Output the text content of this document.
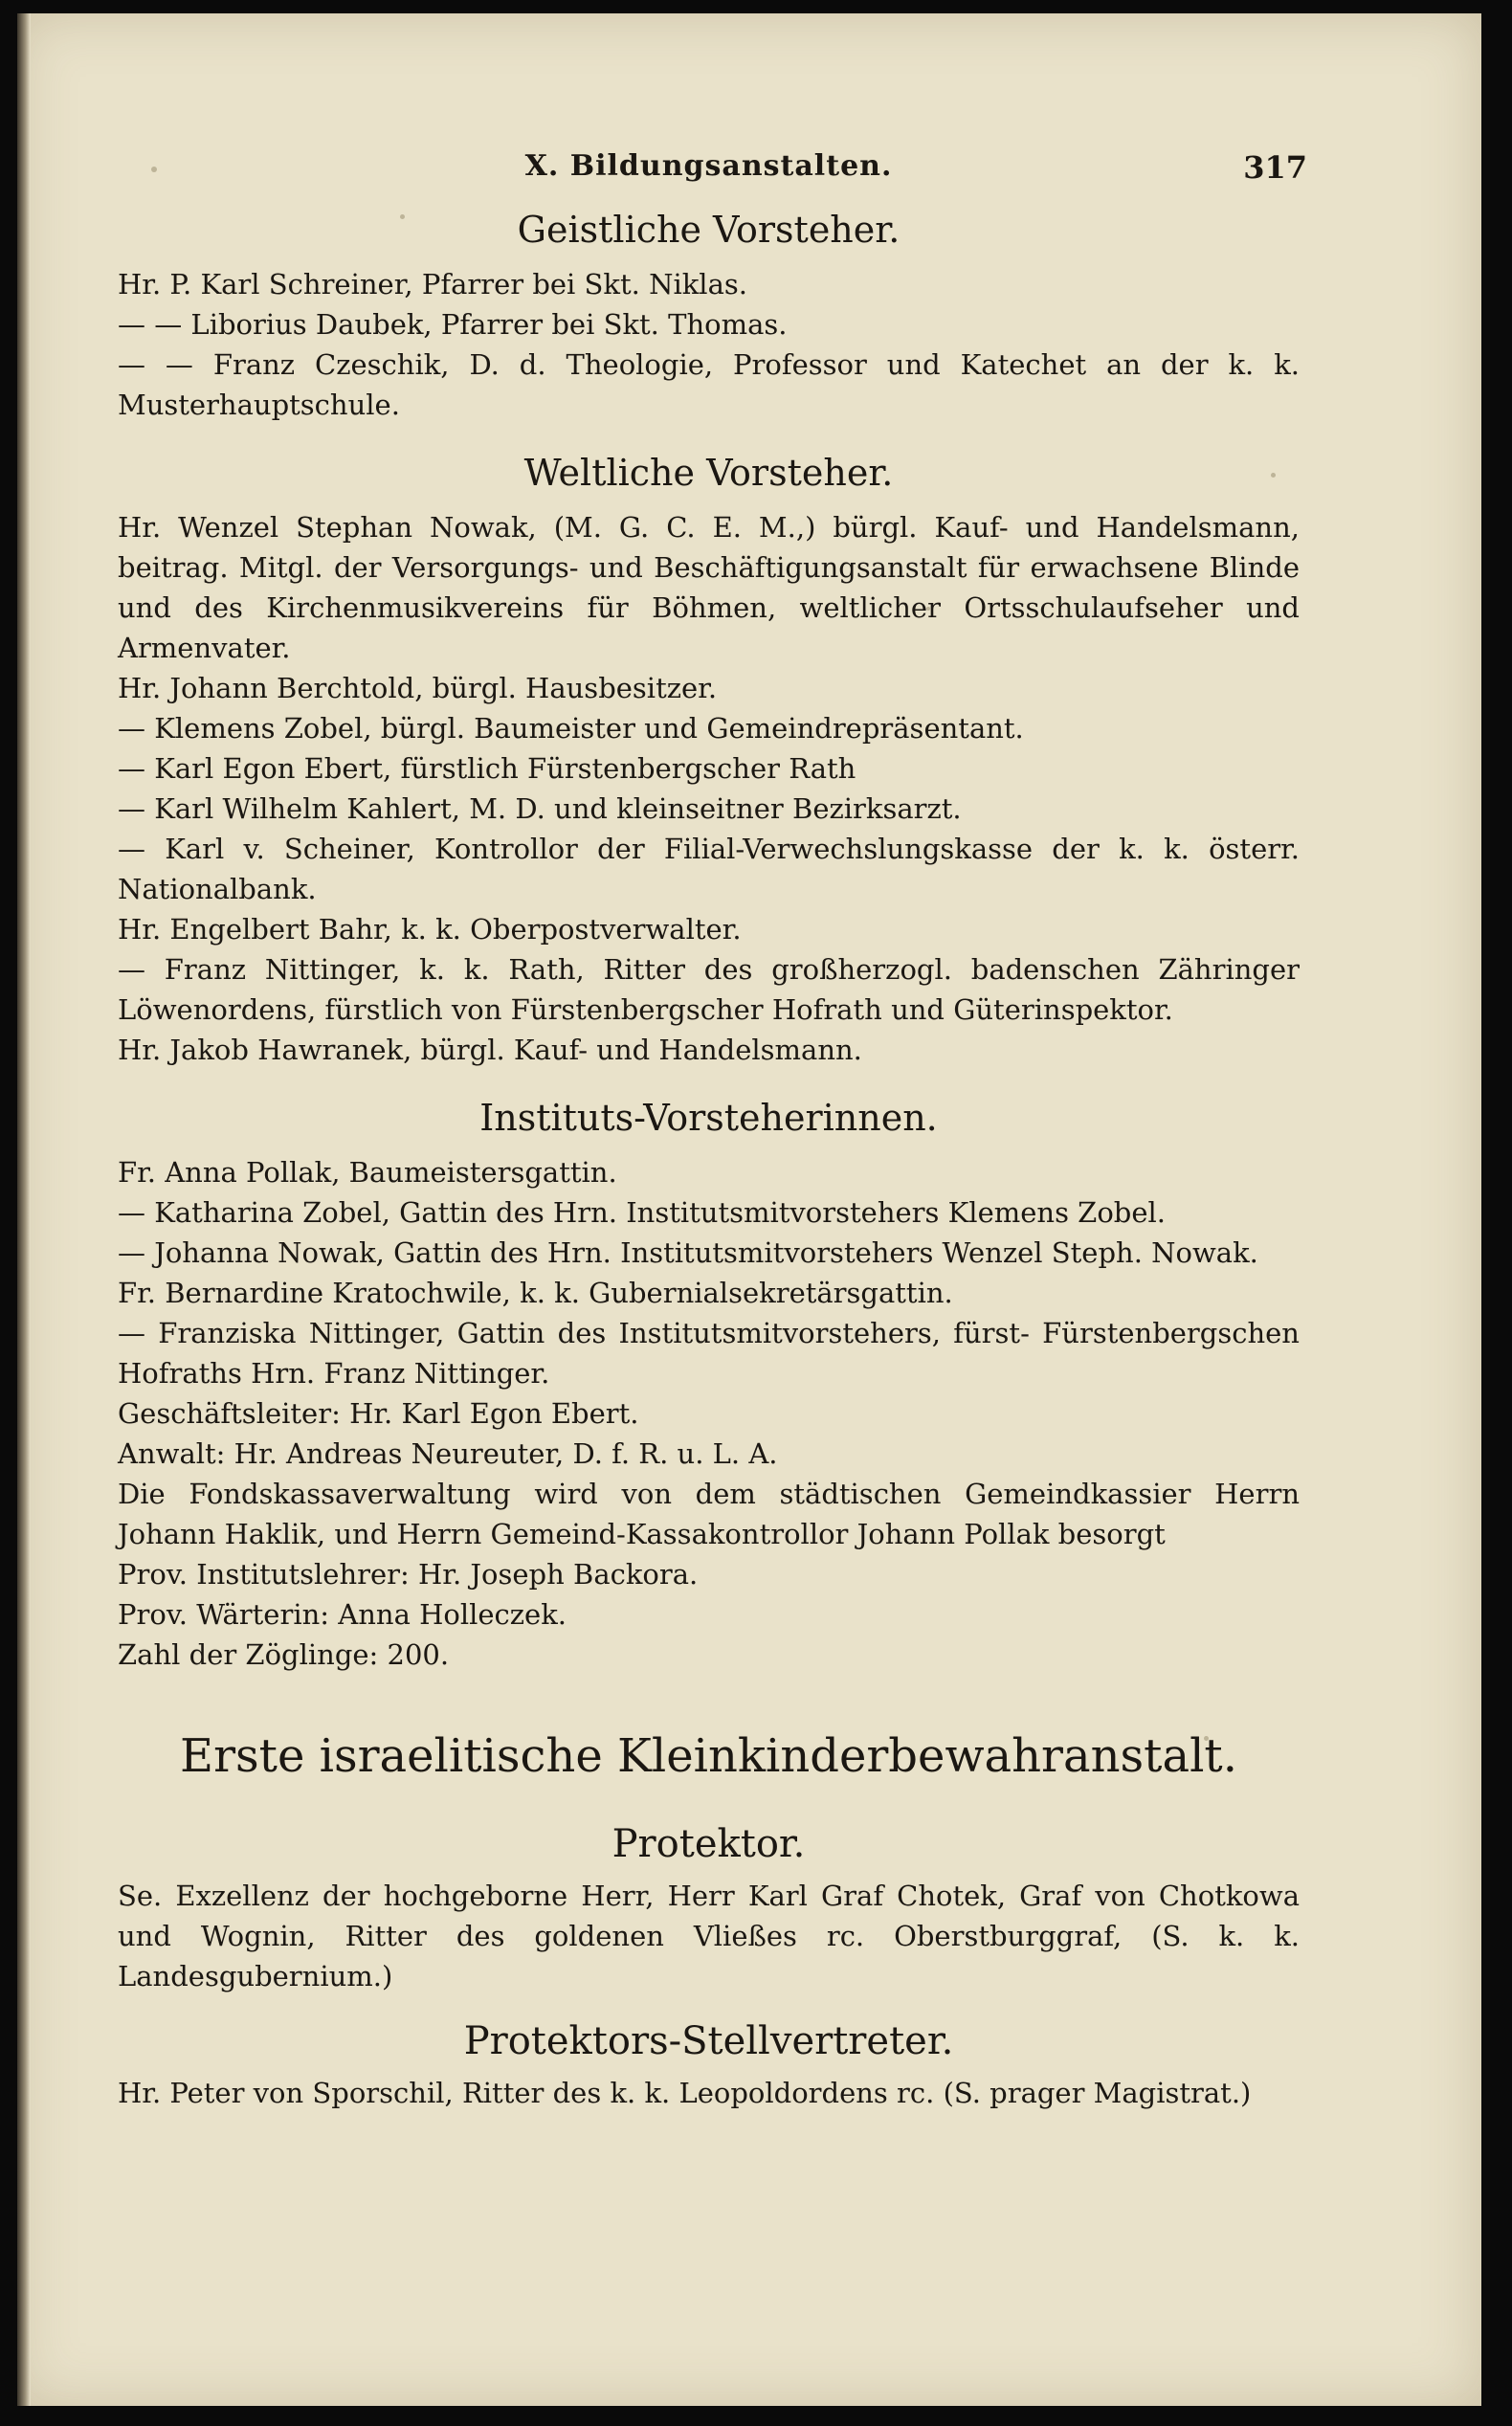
X. Bildungsanstalten.	317
Geistliche Vorsteher.

Hr. P. Karl Schreiner, Pfarrer bei Skt. Niklas.

— — Liborius Daubek, Pfarrer bei Skt. Thomas.

— — Franz Czeschik, D. d. Theologie, Professor und Katechet an der k. k. Musterhauptschule.

Weltliche Vorsteher.

Hr. Wenzel Stephan Nowak, (M. G. C. E. M.,) bürgl. Kauf- und Handelsmann, beitrag. Mitgl. der Versorgungs- und Beschäftigungsanstalt für erwachsene Blinde und des Kirchenmusikvereins für Böhmen, weltlicher Ortsschulaufseher und Armenvater.

Hr. Johann Berchtold, bürgl. Hausbesitzer.

— Klemens Zobel, bürgl. Baumeister und Gemeindrepräsentant.

— Karl Egon Ebert, fürstlich Fürstenbergscher Rath

— Karl Wilhelm Kahlert, M. D. und kleinseitner Bezirksarzt.

— Karl v. Scheiner, Kontrollor der Filial-Verwechslungskasse der k. k. österr. Nationalbank.

Hr. Engelbert Bahr, k. k. Oberpostverwalter.

— Franz Nittinger, k. k. Rath, Ritter des großherzogl. badenschen Zähringer Löwenordens, fürstlich von Fürstenbergscher Hofrath und Güterinspektor.

Hr. Jakob Hawranek, bürgl. Kauf- und Handelsmann.

Instituts-Vorsteherinnen.

Fr. Anna Pollak, Baumeistersgattin.

— Katharina Zobel, Gattin des Hrn. Institutsmitvorstehers Klemens Zobel.

— Johanna Nowak, Gattin des Hrn. Institutsmitvorstehers Wenzel Steph. Nowak.

Fr. Bernardine Kratochwile, k. k. Gubernialsekretärsgattin.

— Franziska Nittinger, Gattin des Institutsmitvorstehers, fürst- Fürstenbergschen Hofraths Hrn. Franz Nittinger.

Geschäftsleiter: Hr. Karl Egon Ebert.

Anwalt: Hr. Andreas Neureuter, D. f. R. u. L. A.

Die Fondskassaverwaltung wird von dem städtischen Gemeindkassier Herrn Johann Haklik, und Herrn Gemeind-Kassakontrollor Johann Pollak besorgt

Prov. Institutslehrer: Hr. Joseph Backora.

Prov. Wärterin: Anna Holleczek.

Zahl der Zöglinge: 200.

Erste israelitische Kleinkinderbewahranstalt.
Protektor.

Se. Exzellenz der hochgeborne Herr, Herr Karl Graf Chotek, Graf von Chotkowa und Wognin, Ritter des goldenen Vließes rc. Oberstburggraf, (S. k. k. Landesgubernium.)

Protektors-Stellvertreter.

Hr. Peter von Sporschil, Ritter des k. k. Leopoldordens rc. (S. prager Magistrat.)
